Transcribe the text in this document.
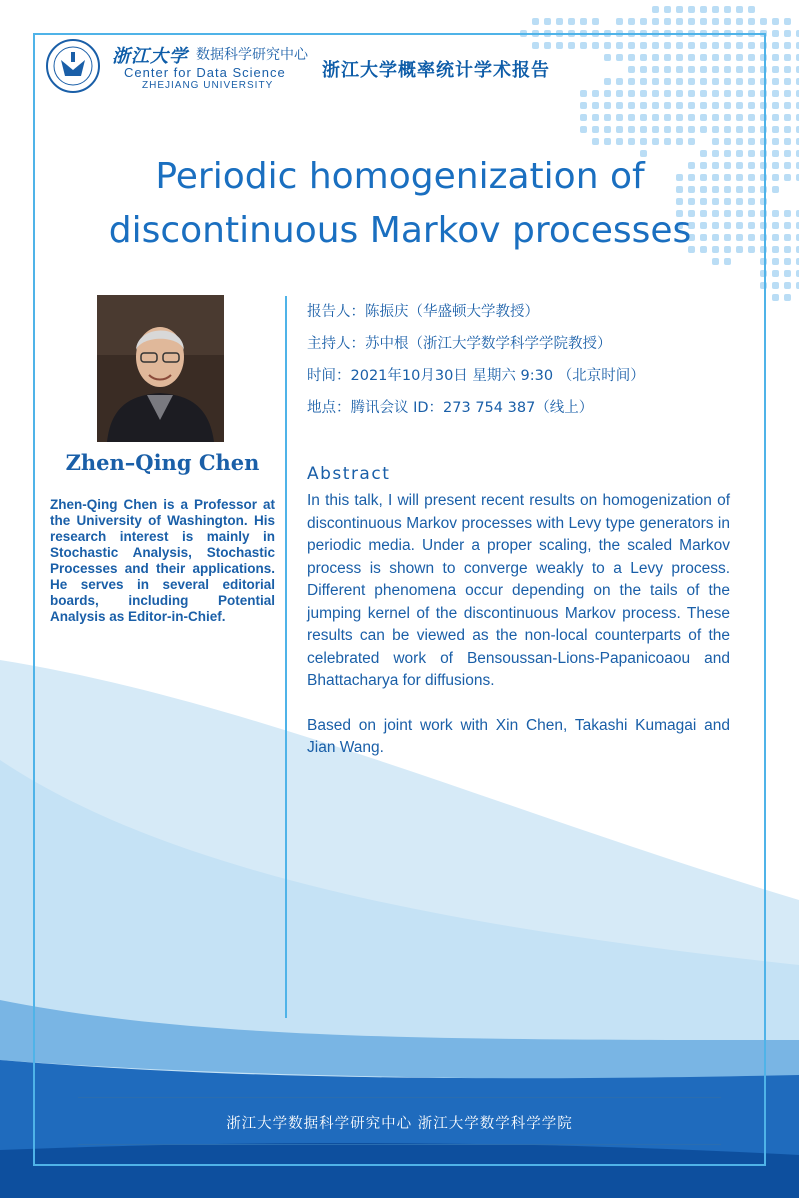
浙江大学 数据科学研究中心
Center for Data Science
ZHEJIANG UNIVERSITY
浙江大学概率统计学术报告
Periodic homogenization of
discontinuous Markov processes
Zhen–Qing Chen
Zhen-Qing Chen is a Professor at the University of Washington. His research interest is mainly in Stochastic Analysis, Stochastic Processes and their applications. He serves in several editorial boards, including Potential Analysis as Editor-in-Chief.
报告人：陈振庆（华盛顿大学教授）
主持人：苏中根（浙江大学数学科学学院教授）
时间：2021年10月30日 星期六 9:30 （北京时间）
地点：腾讯会议 ID：273 754 387（线上）
Abstract

In this talk, I will present recent results on homogenization of discontinuous Markov processes with Levy type generators in periodic media. Under a proper scaling, the scaled Markov process is shown to converge weakly to a Levy process. Different phenomena occur depending on the tails of the jumping kernel of the discontinuous Markov process. These results can be viewed as the non-local counterparts of the celebrated work of Bensoussan-Lions-Papanicoaou and Bhattacharya for diffusions.

Based on joint work with Xin Chen, Takashi Kumagai and Jian Wang.

浙江大学数据科学研究中心 浙江大学数学科学学院
